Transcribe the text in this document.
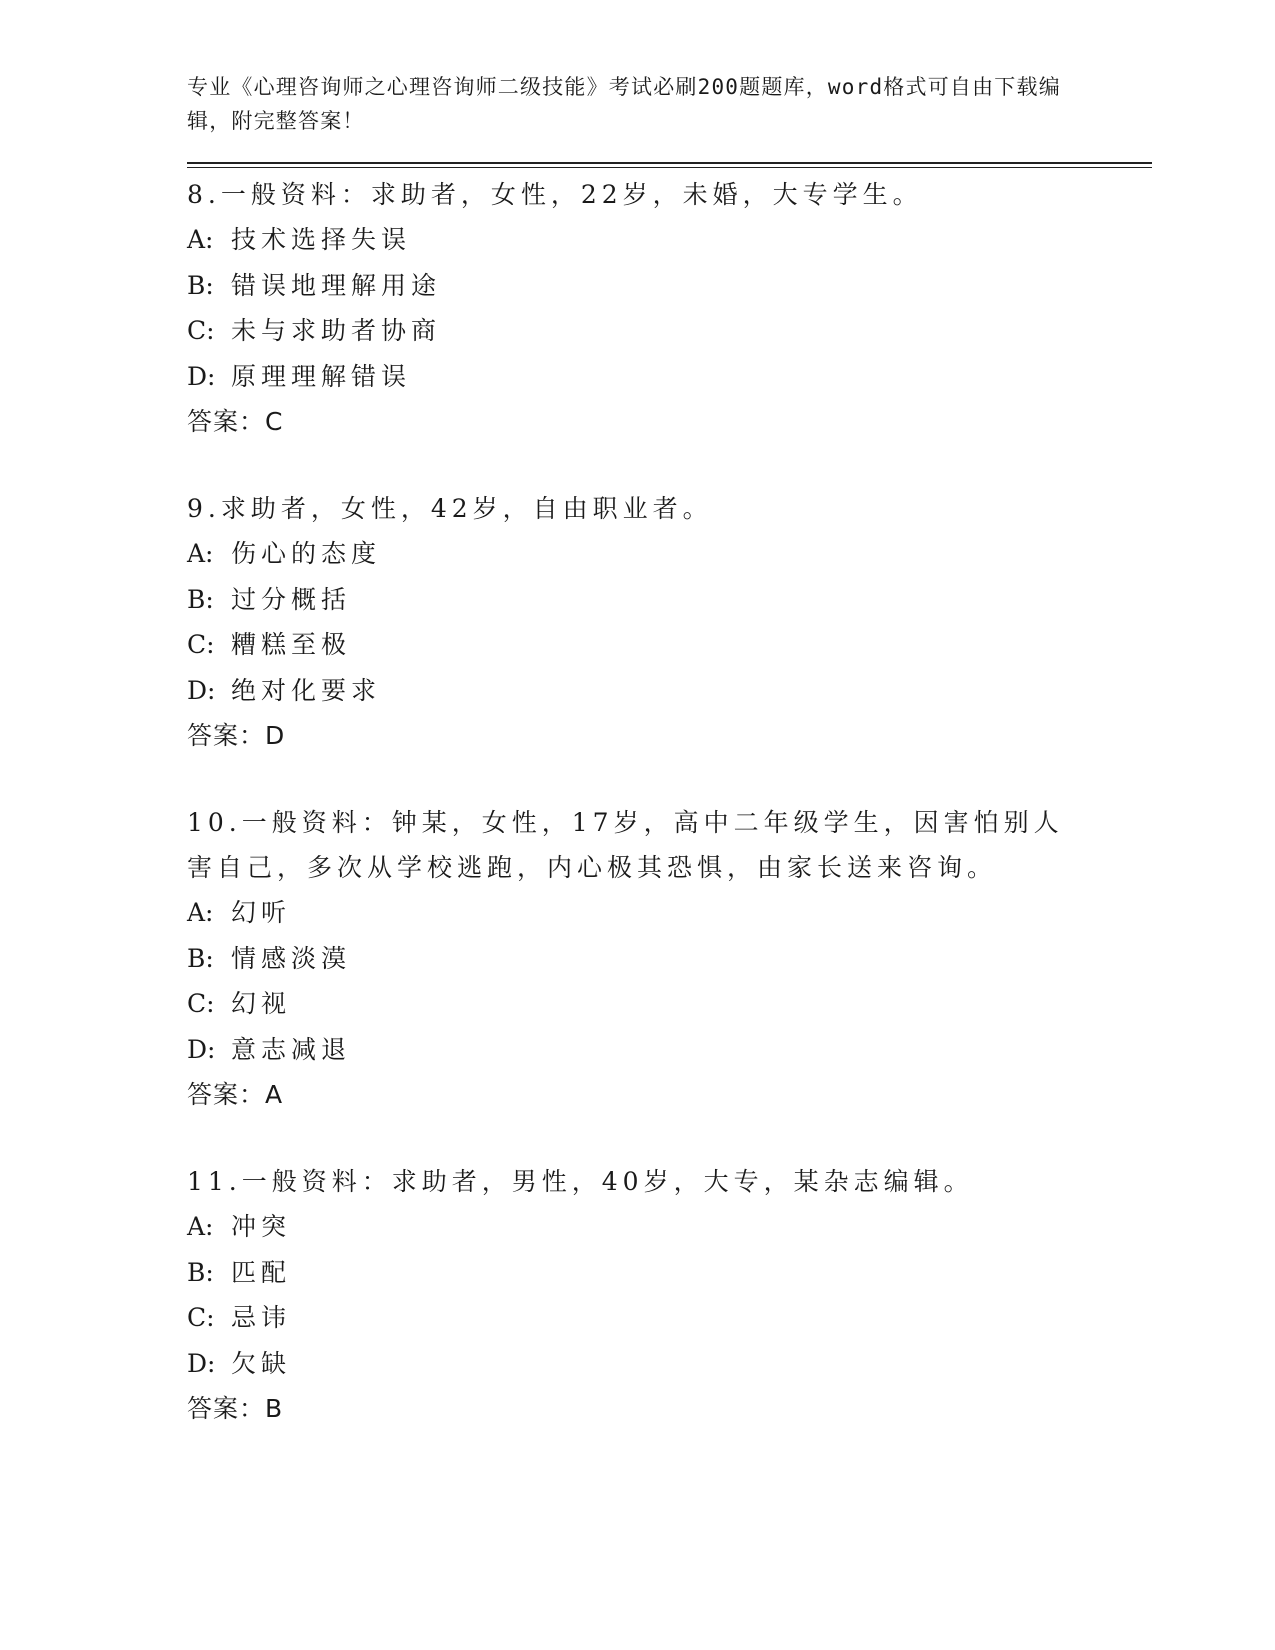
专业《心理咨询师之心理咨询师二级技能》考试必刷200题题库，word格式可自由下载编辑，附完整答案！

8.一般资料：求助者，女性，22岁，未婚，大专学生。

A: 技术选择失误

B: 错误地理解用途

C: 未与求助者协商

D: 原理理解错误

答案：C

9.求助者，女性，42岁，自由职业者。

A: 伤心的态度

B: 过分概括

C: 糟糕至极

D: 绝对化要求

答案：D

10.一般资料：钟某，女性，17岁，高中二年级学生，因害怕别人害自己，多次从学校逃跑，内心极其恐惧，由家长送来咨询。

A: 幻听

B: 情感淡漠

C: 幻视

D: 意志减退

答案：A

11.一般资料：求助者，男性，40岁，大专，某杂志编辑。

A: 冲突

B: 匹配

C: 忌讳

D: 欠缺

答案：B
